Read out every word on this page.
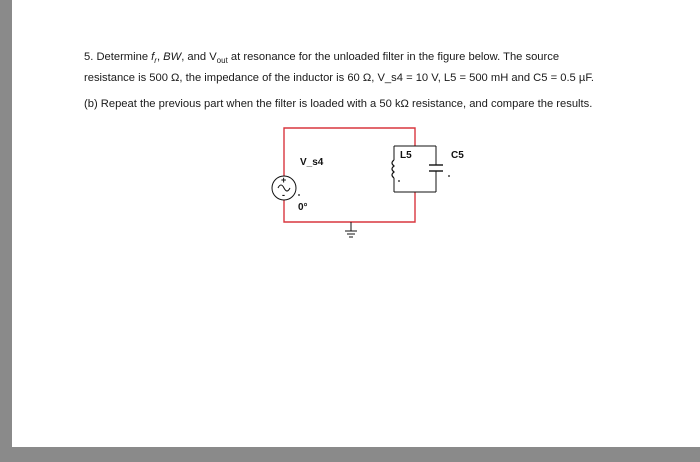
5. Determine $f_r$, BW, and $V_{out}$ at resonance for the unloaded filter in the figure below. The source
resistance is 500 Ω, the impedance of the inductor is 60 Ω, V_s4 = 10 V, L5 = 500 mH and C5 = 0.5 µF.
(b) Repeat the previous part when the filter is loaded with a 50 kΩ resistance, and compare the results.
V_s4
0°
+
-
L5	C5
